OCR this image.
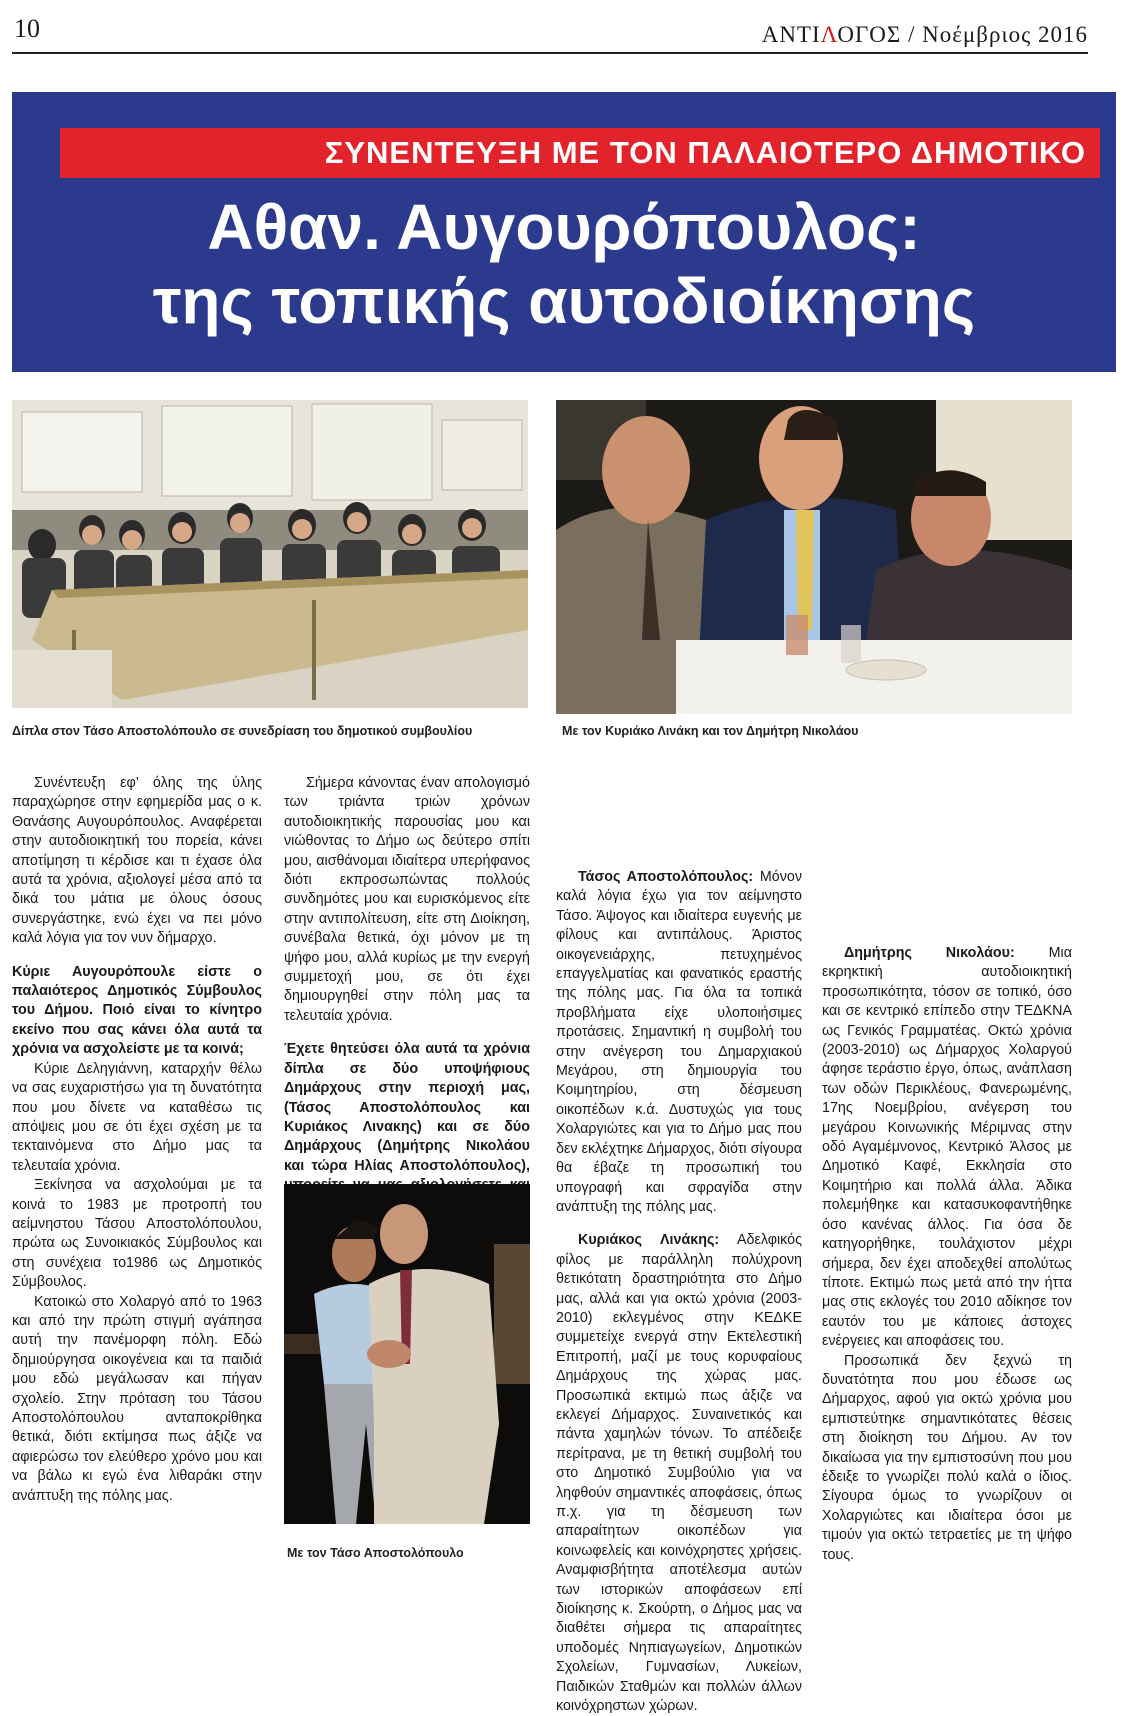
10	ΑΝΤΙΛΟΓΟΣ / Νοέμβριος 2016
ΣΥΝΕΝΤΕΥΞΗ ΜΕ ΤΟΝ ΠΑΛΑΙΟΤΕΡΟ ΔΗΜΟΤΙΚΟ
Αθαν. Αυγουρόπουλος:
της τοπικής αυτοδιοίκησης
Δίπλα στον Τάσο Αποστολόπουλο σε συνεδρίαση του δημοτικού συμβουλίου	Με τον Κυριάκο Λινάκη και τον Δημήτρη Νικολάου

Συνέντευξη εφ’ όλης της ύλης παραχώρησε στην εφημερίδα μας ο κ. Θανάσης Αυγουρόπουλος. Αναφέρεται στην αυτοδιοικητική του πορεία, κάνει αποτίμηση τι κέρδισε και τι έχασε όλα αυτά τα χρόνια, αξιολογεί μέσα από τα δικά του μάτια με όλους όσους συνεργάστηκε, ενώ έχει να πει μόνο καλά λόγια για τον νυν δήμαρχο.

Κύριε Αυγουρόπουλε είστε ο παλαιότερος Δημοτικός Σύμβουλος του Δήμου. Ποιό είναι το κίνητρο εκείνο που σας κάνει όλα αυτά τα χρόνια να ασχολείστε με τα κοινά;

Κύριε Δεληγιάννη, καταρχήν θέλω να σας ευχαριστήσω για τη δυνατότητα που μου δίνετε να καταθέσω τις απόψεις μου σε ότι έχει σχέση με τα τεκταινόμενα στο Δήμο μας τα τελευταία χρόνια.

Ξεκίνησα να ασχολούμαι με τα κοινά το 1983 με προτροπή του αείμνηστου Τάσου Αποστολόπουλου, πρώτα ως Συνοικιακός Σύμβουλος και στη συνέχεια το1986 ως Δημοτικός Σύμβουλος.

Κατοικώ στο Χολαργό από το 1963 και από την πρώτη στιγμή αγάπησα αυτή την πανέμορφη πόλη. Εδώ δημιούργησα οικογένεια και τα παιδιά μου εδώ μεγάλωσαν και πήγαν σχολείο. Στην πρόταση του Τάσου Αποστολόπουλου ανταποκρίθηκα θετικά, διότι εκτίμησα πως άξιζε να αφιερώσω τον ελεύθερο χρόνο μου και να βάλω κι εγώ ένα λιθαράκι στην ανάπτυξη της πόλης μας.

Σήμερα κάνοντας έναν απολογισμό των τριάντα τριών χρόνων αυτοδιοικητικής παρουσίας μου και νιώθοντας το Δήμο ως δεύτερο σπίτι μου, αισθάνομαι ιδιαίτερα υπερήφανος διότι εκπροσωπώντας πολλούς συνδημότες μου και ευρισκόμενος είτε στην αντιπολίτευση, είτε στη Διοίκηση, συνέβαλα θετικά, όχι μόνον με τη ψήφο μου, αλλά κυρίως με την ενεργή συμμετοχή μου, σε ότι έχει δημιουργηθεί στην πόλη μας τα τελευταία χρόνια.

Έχετε θητεύσει όλα αυτά τα χρόνια δίπλα σε δύο υποψήφιους Δημάρχους στην περιοχή μας, (Τάσος Αποστολόπουλος και Κυριάκος Λινακης) και σε δύο Δημάρχους (Δημήτρης Νικολάου και τώρα Ηλίας Αποστολόπουλος),

Με τον Τάσο Αποστολόπουλο

Τάσος Αποστολόπουλος: Μόνον καλά λόγια έχω για τον αείμνηστο Τάσο. Άψογος και ιδιαίτερα ευγενής με φίλους και αντιπάλους. Άριστος οικογενειάρχης, πετυχημένος επαγγελματίας και φανατικός εραστής της πόλης μας. Για όλα τα τοπικά προβλήματα είχε υλοποιήσιμες προτάσεις. Σημαντική η συμβολή του στην ανέγερση του Δημαρχιακού Μεγάρου, στη δημιουργία του Κοιμητηρίου, στη δέσμευση οικοπέδων κ.ά. Δυστυχώς για τους Χολαργιώτες και για το Δήμο μας που δεν εκλέχτηκε Δήμαρχος, διότι σίγουρα θα έβαζε τη προσωπική του υπογραφή και σφραγίδα στην ανάπτυξη της πόλης μας.

Κυριάκος Λινάκης: Αδελφικός φίλος με παράλληλη πολύχρονη θετικότατη δραστηριότητα στο Δήμο μας, αλλά και για οκτώ χρόνια (2003-2010) εκλεγμένος στην ΚΕΔΚΕ συμμετείχε ενεργά στην Εκτελεστική Επιτροπή, μαζί με τους κορυφαίους Δημάρχους της χώρας μας. Προσωπικά εκτιμώ πως άξιζε να εκλεγεί Δήμαρχος. Συναινετικός και πάντα χαμηλών τόνων. Το απέδειξε περίτρανα, με τη θετική συμβολή του στο Δημοτικό Συμβούλιο για να ληφθούν σημαντικές αποφάσεις, όπως π.χ. για τη δέσμευση των απαραίτητων οικοπέδων για κοινωφελείς και κοινόχρηστες χρήσεις. Αναμφισβήτητα αποτέλεσμα αυτών των ιστορικών αποφάσεων επί διοίκησης κ. Σκούρτη, ο Δήμος μας να διαθέτει σήμερα τις απαραίτητες υποδομές Νηπιαγωγείων, Δημοτικών Σχολείων, Γυμνασίων, Λυκείων, Παιδικών Σταθμών και πολλών άλλων κοινόχρηστων χώρων.

Δημήτρης Νικολάου: Μια εκρηκτική αυτοδιοικητική προσωπικότητα, τόσον σε τοπικό, όσο και σε κεντρικό επίπεδο στην ΤΕΔΚΝΑ ως Γενικός Γραμματέας. Οκτώ χρόνια (2003-2010) ως Δήμαρχος Χολαργού άφησε τεράστιο έργο, όπως, ανάπλαση των οδών Περικλέους, Φανερωμένης, 17ης Νοεμβρίου, ανέγερση του μεγάρου Κοινωνικής Μέριμνας στην οδό Αγαμέμνονος, Κεντρικό Άλσος με Δημοτικό Καφέ, Εκκλησία στο Κοιμητήριο και πολλά άλλα. Άδικα πολεμήθηκε και κατασυκοφαντήθηκε όσο κανένας άλλος. Για όσα δε κατηγορήθηκε, τουλάχιστον μέχρι σήμερα, δεν έχει αποδεχθεί απολύτως τίποτε. Εκτιμώ πως μετά από την ήττα μας στις εκλογές του 2010 αδίκησε τον εαυτόν του με κάποιες άστοχες ενέργειες και αποφάσεις του.

Προσωπικά δεν ξεχνώ τη δυνατότητα που μου έδωσε ως Δήμαρχος, αφού για οκτώ χρόνια μου εμπιστεύτηκε σημαντικότατες θέσεις στη διοίκηση του Δήμου. Αν τον δικαίωσα για την εμπιστοσύνη που μου έδειξε το γνωρίζει πολύ καλά ο ίδιος. Σίγουρα όμως το γνωρίζουν οι Χολαργιώτες και ιδιαίτερα όσοι με τιμούν για οκτώ τετραετίες με τη ψήφο τους.
